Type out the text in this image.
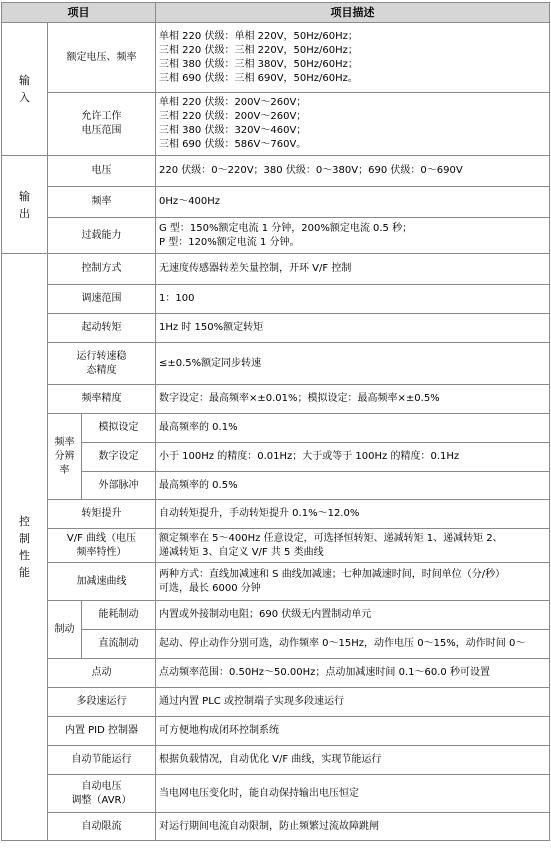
项目			项目描述

输
入	额定电压、频率		单相 220 伏级：单相 220V，50Hz/60Hz；
三相 220 伏级：三相 220V，50Hz/60Hz；
三相 380 伏级：三相 380V，50Hz/60Hz；
三相 690 伏级：三相 690V，50Hz/60Hz。

	允许工作
电压范围		单相 220 伏级：200V～260V；
三相 220 伏级：200V～260V；
三相 380 伏级：320V～460V；
三相 690 伏级：586V～760V。

输
出	电压		220 伏级：0～220V；380 伏级：0～380V；690 伏级：0～690V
	频率		0Hz～400Hz
	过载能力		G 型：150%额定电流 1 分钟，200%额定电流 0.5 秒；
P 型：120%额定电流 1 分钟。

控
制
性
能	控制方式		无速度传感器转差矢量控制，开环 V/F 控制
	调速范围		1：100
	起动转矩		1Hz 时 150%额定转矩

	运行转速稳
态精度		≤±0.5%额定同步转速
	频率精度		数字设定：最高频率×±0.01%；模拟设定：最高频率×±0.5%

	频率
分辨
率	模拟设定	最高频率的 0.1%
		数字设定	小于 100Hz 的精度：0.01Hz；大于或等于 100Hz 的精度：0.1Hz
		外部脉冲	最高频率的 0.5%
	转矩提升		自动转矩提升，手动转矩提升 0.1%～12.0%

	V/F 曲线（电压
频率特性）		额定频率在 5～400Hz 任意设定，可选择恒转矩、递减转矩 1、递减转矩 2、
递减转矩 3、自定义 V/F 共 5 类曲线

	加减速曲线		两种方式：直线加减速和 S 曲线加减速；七种加减速时间，时间单位（分/秒）
可选，最长 6000 分钟

	制动	能耗制动	内置或外接制动电阻；690 伏级无内置制动单元
		直流制动	起动、停止动作分别可选，动作频率 0～15Hz，动作电压 0～15%，动作时间 0～
	点动		点动频率范围：0.50Hz～50.00Hz；点动加减速时间 0.1～60.0 秒可设置
	多段速运行		通过内置 PLC 或控制端子实现多段速运行
	内置 PID 控制器		可方便地构成闭环控制系统
	自动节能运行		根据负载情况，自动优化 V/F 曲线，实现节能运行

	自动电压
调整（AVR）		当电网电压变化时，能自动保持输出电压恒定
	自动限流		对运行期间电流自动限制，防止频繁过流故障跳闸
